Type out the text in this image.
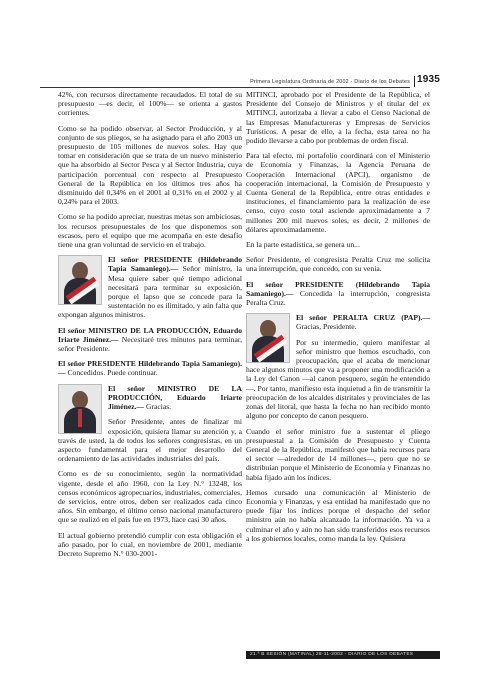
Primera Legislatura Ordinaria de 2002 - Diario de los Debates 1935

42%, con recursos directamente recaudados. El total de su presupuesto —es decir, el 100%— se orienta a gastos corrientes.

Como se ha podido observar, al Sector Producción, y al conjunto de sus pliegos, se ha asignado para el año 2003 un presupuesto de 105 millones de nuevos soles. Hay que tomar en consideración que se trata de un nuevo ministerio que ha absorbido al Sector Pesca y al Sector Industria, cuya participación porcentual con respecto al Presupuesto General de la República en los últimos tres años ha disminuido del 0,34% en el 2001 al 0,31% en el 2002 y al 0,24% para el 2003.

Como se ha podido apreciar, nuestras metas son ambiciosas, los recursos presupuestales de los que disponemos son escasos, pero el equipo que me acompaña en este desafío tiene una gran voluntad de servicio en el trabajo.

El señor PRESIDENTE (Hildebrando Tapia Samaniego).— Señor ministro, la Mesa quiere saber qué tiempo adicional necesitará para terminar su exposición, porque el lapso que se concede para la sustentación no es ilimitado, y aún falta que expongan algunos ministros.

El señor MINISTRO DE LA PRODUCCIÓN, Eduardo Iriarte Jiménez.— Necesitaré tres minutos para terminar, señor Presidente.

El señor PRESIDENTE Hildebrando Tapia Samaniego).— Concedidos. Puede continuar.

El señor MINISTRO DE LA PRODUCCIÓN, Eduardo Iriarte Jiménez.— Gracias.

Señor Presidente, antes de finalizar mi exposición, quisiera llamar su atención y, a través de usted, la de todos los señores congresistas, en un aspecto fundamental para el mejor desarrollo del ordenamiento de las actividades industriales del país.

Como es de su conocimiento, según la normatividad vigente, desde el año 1960, con la Ley N.° 13248, los censos económicos agropecuarios, industriales, comerciales, de servicios, entre otros, deben ser realizados cada cinco años. Sin embargo, el último censo nacional manufacturero que se realizó en el país fue en 1973, hace casi 30 años.

El actual gobierno pretendió cumplir con esta obligación el año pasado, por lo cual, en noviembre de 2001, mediante Decreto Supremo N.° 030-2001-

MITINCI, aprobado por el Presidente de la República, el Presidente del Consejo de Ministros y el titular del ex MITINCI, autorizaba a llevar a cabo el Censo Nacional de las Empresas Manufactureras y Empresas de Servicios Turísticos. A pesar de ello, a la fecha, esta tarea no ha podido llevarse a cabo por problemas de orden fiscal.

Para tal efecto, mi portafolio coordinará con el Ministerio de Economía y Finanzas, la Agencia Peruana de Cooperación Internacional (APCI), organismo de cooperación internacional, la Comisión de Presupuesto y Cuenta General de la República, entre otras entidades e instituciones, el financiamiento para la realización de ese censo, cuyo costo total asciende aproximadamente a 7 millones 200 mil nuevos soles, es decir, 2 millones de dólares aproximadamente.

En la parte estadística, se genera un...

Señor Presidente, el congresista Peralta Cruz me solicita una interrupción, que concedo, con su venia.

El señor PRESIDENTE (Hildebrando Tapia Samaniego).— Concedida la interrupción, congresista Peralta Cruz.

El señor PERALTA CRUZ (PAP).— Gracias, Presidente.

Por su intermedio, quiero manifestar al señor ministro que hemos escuchado, con preocupación, que el acaba de mencionar hace algunos minutos que va a proponer una modificación a la Ley del Canon —al canon pesquero, según he entendido—. Por tanto, manifiesto esta inquietud a fin de transmitir la preocupación de los alcaldes distritales y provinciales de las zonas del litoral, que hasta la fecha no han recibido monto alguno por concepto de canon pesquero.

Cuando el señor ministro fue a sustentar el pliego presupuestal a la Comisión de Presupuesto y Cuenta General de la República, manifestó que había recursos para el sector —alrededor de 14 millones—, pero que no se distribuían porque el Ministerio de Economía y Finanzas no había fijado aún los índices.

Hemos cursado una comunicación al Ministerio de Economía y Finanzas, y esa entidad ha manifestado que no puede fijar los índices porque el despacho del señor ministro aún no había alcanzado la información. Ya va a culminar el año y aún no han sido transferidos esos recursos a los gobiernos locales, como manda la ley. Quisiera

21.ª B SESIÓN (MATINAL) 28-11-2002 - DIARIO DE LOS DEBATES
